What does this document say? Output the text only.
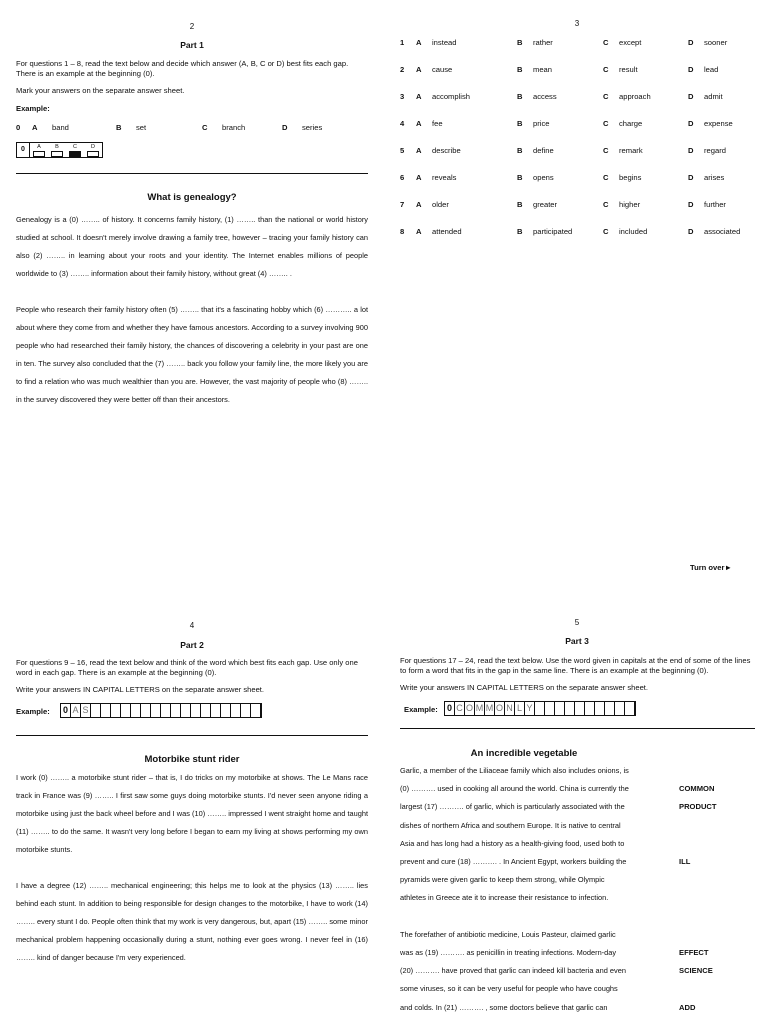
2
Part 1
For questions 1 – 8, read the text below and decide which answer (A, B, C or D) best fits each gap. There is an example at the beginning (0).
Mark your answers on the separate answer sheet.
Example:
0 A band	B set	C branch	D series
0	A	B	C	D
What is genealogy?
Genealogy is a (0) …….. of history. It concerns family history, (1) …….. than the national or world history studied at school. It doesn't merely involve drawing a family tree, however – tracing your family history can also (2) …….. in learning about your roots and your identity. The Internet enables millions of people worldwide to (3) …….. information about their family history, without great (4) …….. .
People who research their family history often (5) …….. that it's a fascinating hobby which (6) ……….. a lot about where they come from and whether they have famous ancestors. According to a survey involving 900 people who had researched their family history, the chances of discovering a celebrity in your past are one in ten. The survey also concluded that the (7) …….. back you follow your family line, the more likely you are to find a relation who was much wealthier than you are. However, the vast majority of people who (8) …….. in the survey discovered they were better off than their ancestors.
3
1 A instead	B rather	C except	D sooner
2 A cause	B mean	C result	D lead
3 A accomplish	B access	C approach	D admit
4 A fee	B price	C charge	D expense
5 A describe	B define	C remark	D regard
6 A reveals	B opens	C begins	D arises
7 A older	B greater	C higher	D further
8 A attended	B participated	C included	D associated
Turn over►
4
Part 2
For questions 9 – 16, read the text below and think of the word which best fits each gap. Use only one word in each gap. There is an example at the beginning (0).
Write your answers IN CAPITAL LETTERS on the separate answer sheet.
Example: 0 A S
Motorbike stunt rider
I work (0) …….. a motorbike stunt rider – that is, I do tricks on my motorbike at shows. The Le Mans race track in France was (9) …….. I first saw some guys doing motorbike stunts. I'd never seen anyone riding a motorbike using just the back wheel before and I was (10) …….. impressed I went straight home and taught (11) …….. to do the same. It wasn't very long before I began to earn my living at shows performing my own motorbike stunts.
I have a degree (12) …….. mechanical engineering; this helps me to look at the physics (13) …….. lies behind each stunt. In addition to being responsible for design changes to the motorbike, I have to work (14) …….. every stunt I do. People often think that my work is very dangerous, but, apart (15) …….. some minor mechanical problem happening occasionally during a stunt, nothing ever goes wrong. I never feel in (16) …….. kind of danger because I'm very experienced.
5
Part 3
For questions 17 – 24, read the text below. Use the word given in capitals at the end of some of the lines to form a word that fits in the gap in the same line. There is an example at the beginning (0).
Write your answers IN CAPITAL LETTERS on the separate answer sheet.
Example: 0 C O M M O N L Y
An incredible vegetable
Garlic, a member of the Liliaceae family which also includes onions, is
(0) ………. used in cooking all around the world. China is currently the	COMMON
largest (17) ………. of garlic, which is particularly associated with the	PRODUCT
dishes of northern Africa and southern Europe. It is native to central
Asia and has long had a history as a health-giving food, used both to
prevent and cure (18) ………. . In Ancient Egypt, workers building the	ILL
pyramids were given garlic to keep them strong, while Olympic
athletes in Greece ate it to increase their resistance to infection.
The forefather of antibiotic medicine, Louis Pasteur, claimed garlic
was as (19) ………. as penicillin in treating infections. Modern-day	EFFECT
(20) ………. have proved that garlic can indeed kill bacteria and even	SCIENCE
some viruses, so it can be very useful for people who have coughs
and colds. In (21) ………. , some doctors believe that garlic can	ADD
